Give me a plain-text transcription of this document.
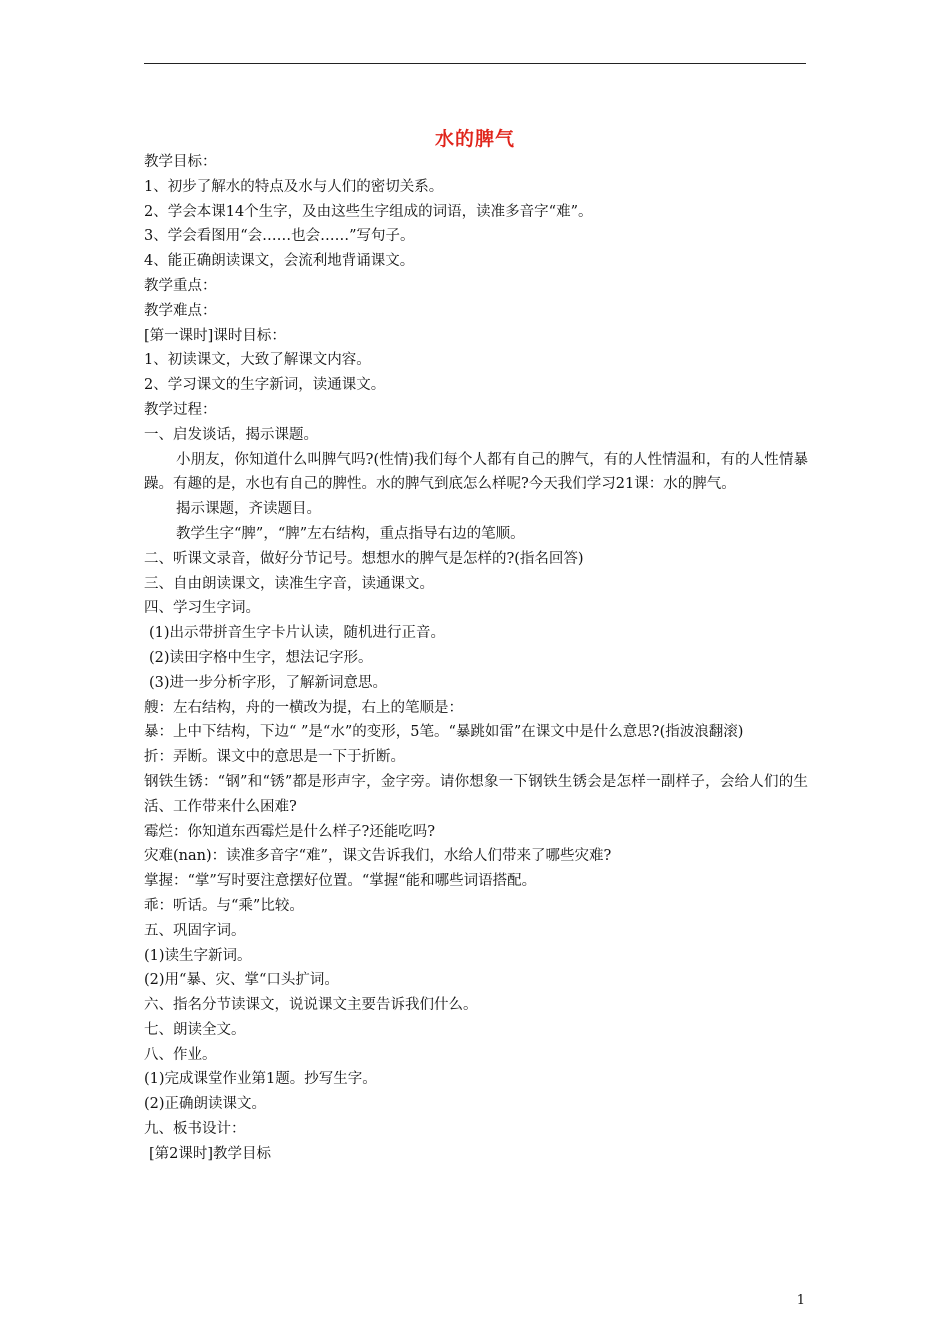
水的脾气
教学目标：
1、初步了解水的特点及水与人们的密切关系。
2、学会本课14个生字，及由这些生字组成的词语，读准多音字“难”。
3、学会看图用“会……也会……”写句子。
4、能正确朗读课文，会流利地背诵课文。
教学重点：
教学难点：
[第一课时]课时目标：
1、初读课文，大致了解课文内容。
2、学习课文的生字新词，读通课文。
教学过程：
一、启发谈话，揭示课题。
小朋友，你知道什么叫脾气吗?(性情)我们每个人都有自己的脾气，有的人性情温和，有的人性情暴躁。有趣的是，水也有自己的脾性。水的脾气到底怎么样呢?今天我们学习21课：水的脾气。
揭示课题，齐读题目。
教学生字“脾”，“脾”左右结构，重点指导右边的笔顺。
二、听课文录音，做好分节记号。想想水的脾气是怎样的?(指名回答)
三、自由朗读课文，读准生字音，读通课文。
四、学习生字词。
(1)出示带拼音生字卡片认读，随机进行正音。
(2)读田字格中生字，想法记字形。
(3)进一步分析字形，了解新词意思。
艘：左右结构，舟的一横改为提，右上的笔顺是：
暴：上中下结构，下边“ ”是“水”的变形，5笔。“暴跳如雷”在课文中是什么意思?(指波浪翻滚)
折：弄断。课文中的意思是一下于折断。
钢铁生锈：“钢”和“锈”都是形声字，金字旁。请你想象一下钢铁生锈会是怎样一副样子，会给人们的生活、工作带来什么困难?
霉烂：你知道东西霉烂是什么样子?还能吃吗?
灾难(nan)：读准多音字“难”，课文告诉我们，水给人们带来了哪些灾难?
掌握：“掌”写时要注意摆好位置。“掌握“能和哪些词语搭配。
乖：听话。与“乘”比较。
五、巩固字词。
(1)读生字新词。
(2)用“暴、灾、掌“口头扩词。
六、指名分节读课文，说说课文主要告诉我们什么。
七、朗读全文。
八、作业。
(1)完成课堂作业第1题。抄写生字。
(2)正确朗读课文。
九、板书设计：
[第2课时]教学目标
1
